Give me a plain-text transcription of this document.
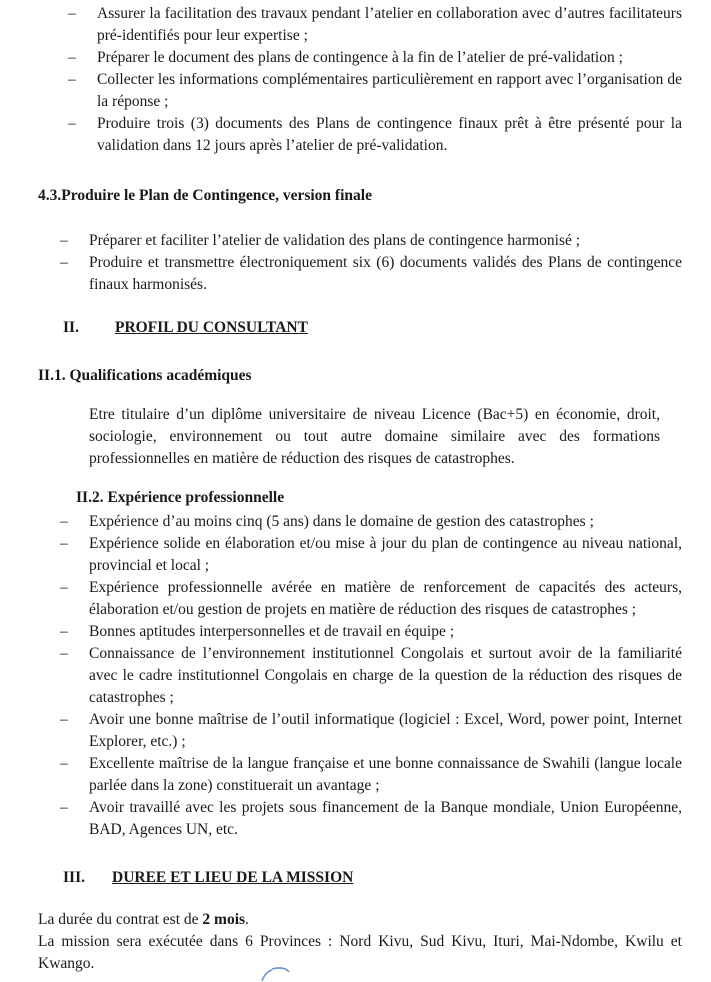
– Assurer la facilitation des travaux pendant l’atelier en collaboration avec d’autres facilitateurs pré-identifiés pour leur expertise ;
– Préparer le document des plans de contingence à la fin de l’atelier de pré-validation ;
– Collecter les informations complémentaires particulièrement en rapport avec l’organisation de la réponse ;
– Produire trois (3) documents des Plans de contingence finaux prêt à être présenté pour la validation dans 12 jours après l’atelier de pré-validation.
4.3.Produire le Plan de Contingence, version finale
– Préparer et faciliter l’atelier de validation des plans de contingence harmonisé ;
– Produire et transmettre électroniquement six (6) documents validés des Plans de contingence finaux harmonisés.
II. PROFIL DU CONSULTANT
II.1. Qualifications académiques

Etre titulaire d’un diplôme universitaire de niveau Licence (Bac+5) en économie, droit, sociologie, environnement ou tout autre domaine similaire avec des formations professionnelles en matière de réduction des risques de catastrophes.

II.2. Expérience professionnelle
– Expérience d’au moins cinq (5 ans) dans le domaine de gestion des catastrophes ;
– Expérience solide en élaboration et/ou mise à jour du plan de contingence au niveau national, provincial et local ;
– Expérience professionnelle avérée en matière de renforcement de capacités des acteurs, élaboration et/ou gestion de projets en matière de réduction des risques de catastrophes ;
– Bonnes aptitudes interpersonnelles et de travail en équipe ;
– Connaissance de l’environnement institutionnel Congolais et surtout avoir de la familiarité avec le cadre institutionnel Congolais en charge de la question de la réduction des risques de catastrophes ;
– Avoir une bonne maîtrise de l’outil informatique (logiciel : Excel, Word, power point, Internet Explorer, etc.) ;
– Excellente maîtrise de la langue française et une bonne connaissance de Swahili (langue locale parlée dans la zone) constituerait un avantage ;
– Avoir travaillé avec les projets sous financement de la Banque mondiale, Union Européenne, BAD, Agences UN, etc.
III. DUREE ET LIEU DE LA MISSION

La durée du contrat est de 2 mois.

La mission sera exécutée dans 6 Provinces : Nord Kivu, Sud Kivu, Ituri, Mai-Ndombe, Kwilu et Kwango.
